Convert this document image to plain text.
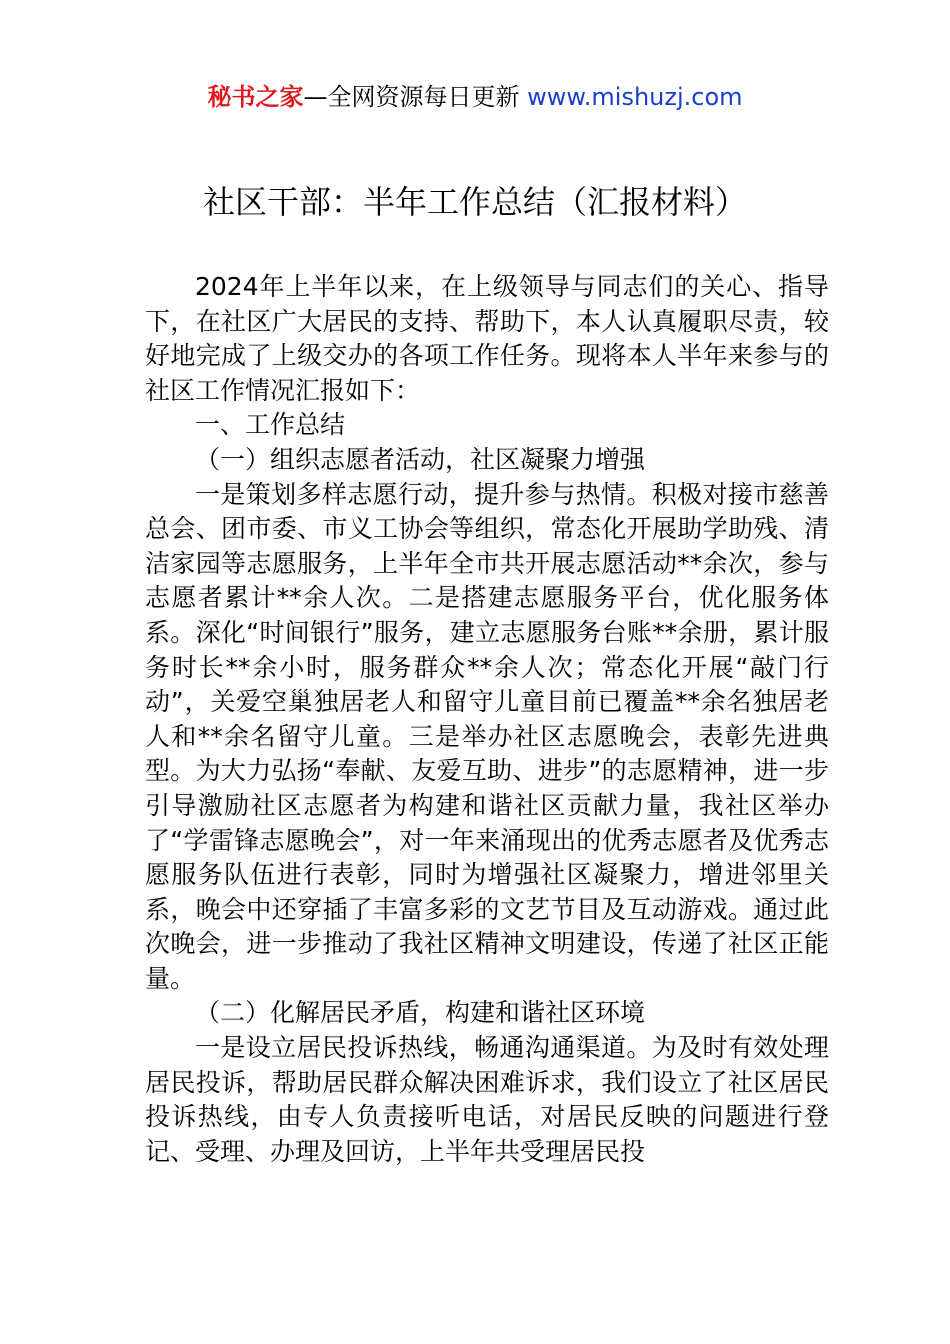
秘书之家—全网资源每日更新 www.mishuzj.com
社区干部：半年工作总结（汇报材料）

2024年上半年以来，在上级领导与同志们的关心、指导下，在社区广大居民的支持、帮助下，本人认真履职尽责，较好地完成了上级交办的各项工作任务。现将本人半年来参与的社区工作情况汇报如下：

一、工作总结

（一）组织志愿者活动，社区凝聚力增强

一是策划多样志愿行动，提升参与热情。积极对接市慈善总会、团市委、市义工协会等组织，常态化开展助学助残、清洁家园等志愿服务，上半年全市共开展志愿活动**余次，参与志愿者累计**余人次。二是搭建志愿服务平台，优化服务体系。深化“时间银行”服务，建立志愿服务台账**余册，累计服务时长**余小时，服务群众**余人次；常态化开展“敲门行动”，关爱空巢独居老人和留守儿童目前已覆盖**余名独居老人和**余名留守儿童。三是举办社区志愿晚会，表彰先进典型。为大力弘扬“奉献、友爱互助、进步”的志愿精神，进一步引导激励社区志愿者为构建和谐社区贡献力量，我社区举办了“学雷锋志愿晚会”，对一年来涌现出的优秀志愿者及优秀志愿服务队伍进行表彰，同时为增强社区凝聚力，增进邻里关系，晚会中还穿插了丰富多彩的文艺节目及互动游戏。通过此次晚会，进一步推动了我社区精神文明建设，传递了社区正能量。

（二）化解居民矛盾，构建和谐社区环境

一是设立居民投诉热线，畅通沟通渠道。为及时有效处理居民投诉，帮助居民群众解决困难诉求，我们设立了社区居民投诉热线，由专人负责接听电话，对居民反映的问题进行登记、受理、办理及回访，上半年共受理居民投
